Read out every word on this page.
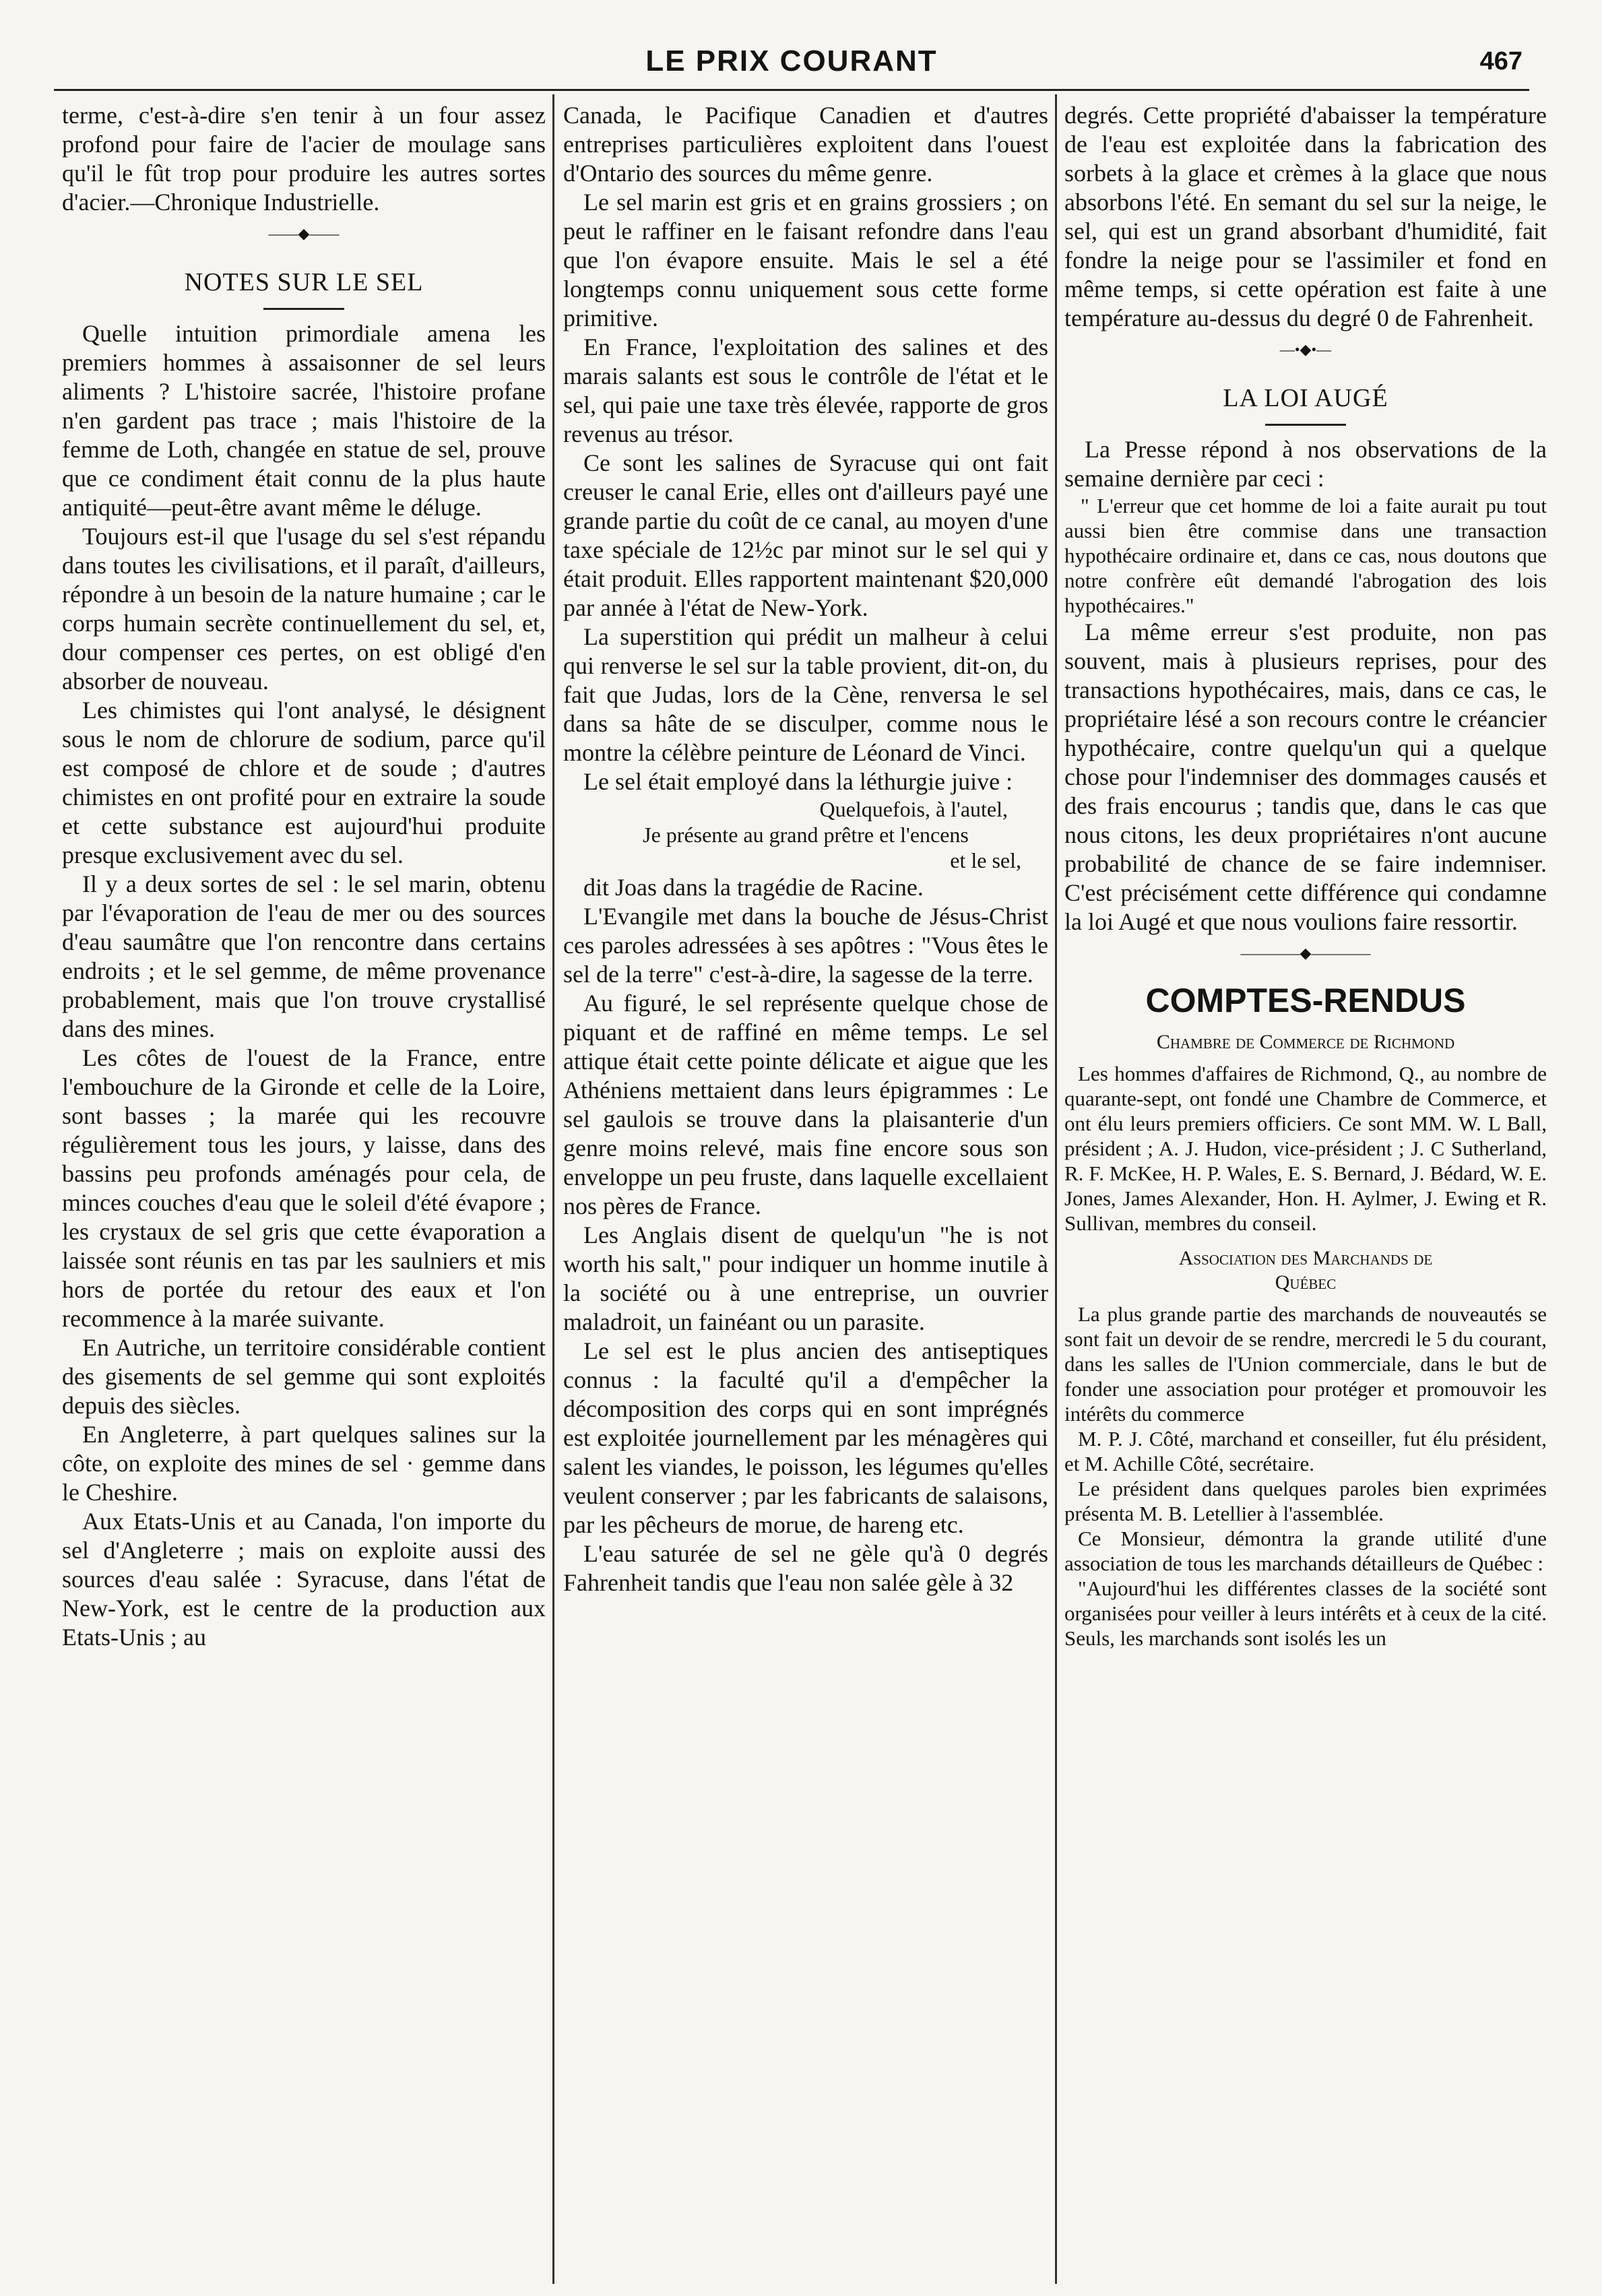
LE PRIX COURANT	467

terme, c'est-à-dire s'en tenir à un four assez profond pour faire de l'acier de moulage sans qu'il le fût trop pour produire les autres sortes d'acier.—Chronique Industrielle.

——◆——
NOTES SUR LE SEL

Quelle intuition primordiale amena les premiers hommes à assaisonner de sel leurs aliments ? L'histoire sacrée, l'histoire profane n'en gardent pas trace ; mais l'histoire de la femme de Loth, changée en statue de sel, prouve que ce condiment était connu de la plus haute antiquité—peut-être avant même le déluge.

Toujours est-il que l'usage du sel s'est répandu dans toutes les civilisations, et il paraît, d'ailleurs, répondre à un besoin de la nature humaine ; car le corps humain secrète continuellement du sel, et, dour compenser ces pertes, on est obligé d'en absorber de nouveau.

Les chimistes qui l'ont analysé, le désignent sous le nom de chlorure de sodium, parce qu'il est composé de chlore et de soude ; d'autres chimistes en ont profité pour en extraire la soude et cette substance est aujourd'hui produite presque exclusivement avec du sel.

Il y a deux sortes de sel : le sel marin, obtenu par l'évaporation de l'eau de mer ou des sources d'eau saumâtre que l'on rencontre dans certains endroits ; et le sel gemme, de même provenance probablement, mais que l'on trouve crystallisé dans des mines.

Les côtes de l'ouest de la France, entre l'embouchure de la Gironde et celle de la Loire, sont basses ; la marée qui les recouvre régulièrement tous les jours, y laisse, dans des bassins peu profonds aménagés pour cela, de minces couches d'eau que le soleil d'été évapore ; les crystaux de sel gris que cette évaporation a laissée sont réunis en tas par les saulniers et mis hors de portée du retour des eaux et l'on recommence à la marée suivante.

En Autriche, un territoire considérable contient des gisements de sel gemme qui sont exploités depuis des siècles.

En Angleterre, à part quelques salines sur la côte, on exploite des mines de sel · gemme dans le Cheshire.

Aux Etats-Unis et au Canada, l'on importe du sel d'Angleterre ; mais on exploite aussi des sources d'eau salée : Syracuse, dans l'état de New-York, est le centre de la production aux Etats-Unis ; au

Canada, le Pacifique Canadien et d'autres entreprises particulières exploitent dans l'ouest d'Ontario des sources du même genre.

Le sel marin est gris et en grains grossiers ; on peut le raffiner en le faisant refondre dans l'eau que l'on évapore ensuite. Mais le sel a été longtemps connu uniquement sous cette forme primitive.

En France, l'exploitation des salines et des marais salants est sous le contrôle de l'état et le sel, qui paie une taxe très élevée, rapporte de gros revenus au trésor.

Ce sont les salines de Syracuse qui ont fait creuser le canal Erie, elles ont d'ailleurs payé une grande partie du coût de ce canal, au moyen d'une taxe spéciale de 12½c par minot sur le sel qui y était produit. Elles rapportent maintenant $20,000 par année à l'état de New-York.

La superstition qui prédit un malheur à celui qui renverse le sel sur la table provient, dit-on, du fait que Judas, lors de la Cène, renversa le sel dans sa hâte de se disculper, comme nous le montre la célèbre peinture de Léonard de Vinci.

Le sel était employé dans la léthurgie juive :

Quelquefois, à l'autel,
Je présente au grand prêtre et l'encens
et le sel,

dit Joas dans la tragédie de Racine.

L'Evangile met dans la bouche de Jésus-Christ ces paroles adressées à ses apôtres : "Vous êtes le sel de la terre" c'est-à-dire, la sagesse de la terre.

Au figuré, le sel représente quelque chose de piquant et de raffiné en même temps. Le sel attique était cette pointe délicate et aigue que les Athéniens mettaient dans leurs épigrammes : Le sel gaulois se trouve dans la plaisanterie d'un genre moins relevé, mais fine encore sous son enveloppe un peu fruste, dans laquelle excellaient nos pères de France.

Les Anglais disent de quelqu'un "he is not worth his salt," pour indiquer un homme inutile à la société ou à une entreprise, un ouvrier maladroit, un fainéant ou un parasite.

Le sel est le plus ancien des antiseptiques connus : la faculté qu'il a d'empêcher la décomposition des corps qui en sont imprégnés est exploitée journellement par les ménagères qui salent les viandes, le poisson, les légumes qu'elles veulent conserver ; par les fabricants de salaisons, par les pêcheurs de morue, de hareng etc.

L'eau saturée de sel ne gèle qu'à 0 degrés Fahrenheit tandis que l'eau non salée gèle à 32

degrés. Cette propriété d'abaisser la température de l'eau est exploitée dans la fabrication des sorbets à la glace et crèmes à la glace que nous absorbons l'été. En semant du sel sur la neige, le sel, qui est un grand absorbant d'humidité, fait fondre la neige pour se l'assimiler et fond en même temps, si cette opération est faite à une température au-dessus du degré 0 de Fahrenheit.

—•◆•—
LA LOI AUGÉ

La Presse répond à nos observations de la semaine dernière par ceci :

" L'erreur que cet homme de loi a faite aurait pu tout aussi bien être commise dans une transaction hypothécaire ordinaire et, dans ce cas, nous doutons que notre confrère eût demandé l'abrogation des lois hypothécaires."

La même erreur s'est produite, non pas souvent, mais à plusieurs reprises, pour des transactions hypothécaires, mais, dans ce cas, le propriétaire lésé a son recours contre le créancier hypothécaire, contre quelqu'un qui a quelque chose pour l'indemniser des dommages causés et des frais encourus ; tandis que, dans le cas que nous citons, les deux propriétaires n'ont aucune probabilité de chance de se faire indemniser. C'est précisément cette différence qui condamne la loi Augé et que nous voulions faire ressortir.

————◆————
COMPTES-RENDUS
Chambre de Commerce de Richmond

Les hommes d'affaires de Richmond, Q., au nombre de quarante-sept, ont fondé une Chambre de Commerce, et ont élu leurs premiers officiers. Ce sont MM. W. L Ball, président ; A. J. Hudon, vice-président ; J. C Sutherland, R. F. McKee, H. P. Wales, E. S. Bernard, J. Bédard, W. E. Jones, James Alexander, Hon. H. Aylmer, J. Ewing et R. Sullivan, membres du conseil.

Association des Marchands de
Québec

La plus grande partie des marchands de nouveautés se sont fait un devoir de se rendre, mercredi le 5 du courant, dans les salles de l'Union commerciale, dans le but de fonder une association pour protéger et promouvoir les intérêts du commerce

M. P. J. Côté, marchand et conseiller, fut élu président, et M. Achille Côté, secrétaire.

Le président dans quelques paroles bien exprimées présenta M. B. Letellier à l'assemblée.

Ce Monsieur, démontra la grande utilité d'une association de tous les marchands détailleurs de Québec :

"Aujourd'hui les différentes classes de la société sont organisées pour veiller à leurs intérêts et à ceux de la cité. Seuls, les marchands sont isolés les un
